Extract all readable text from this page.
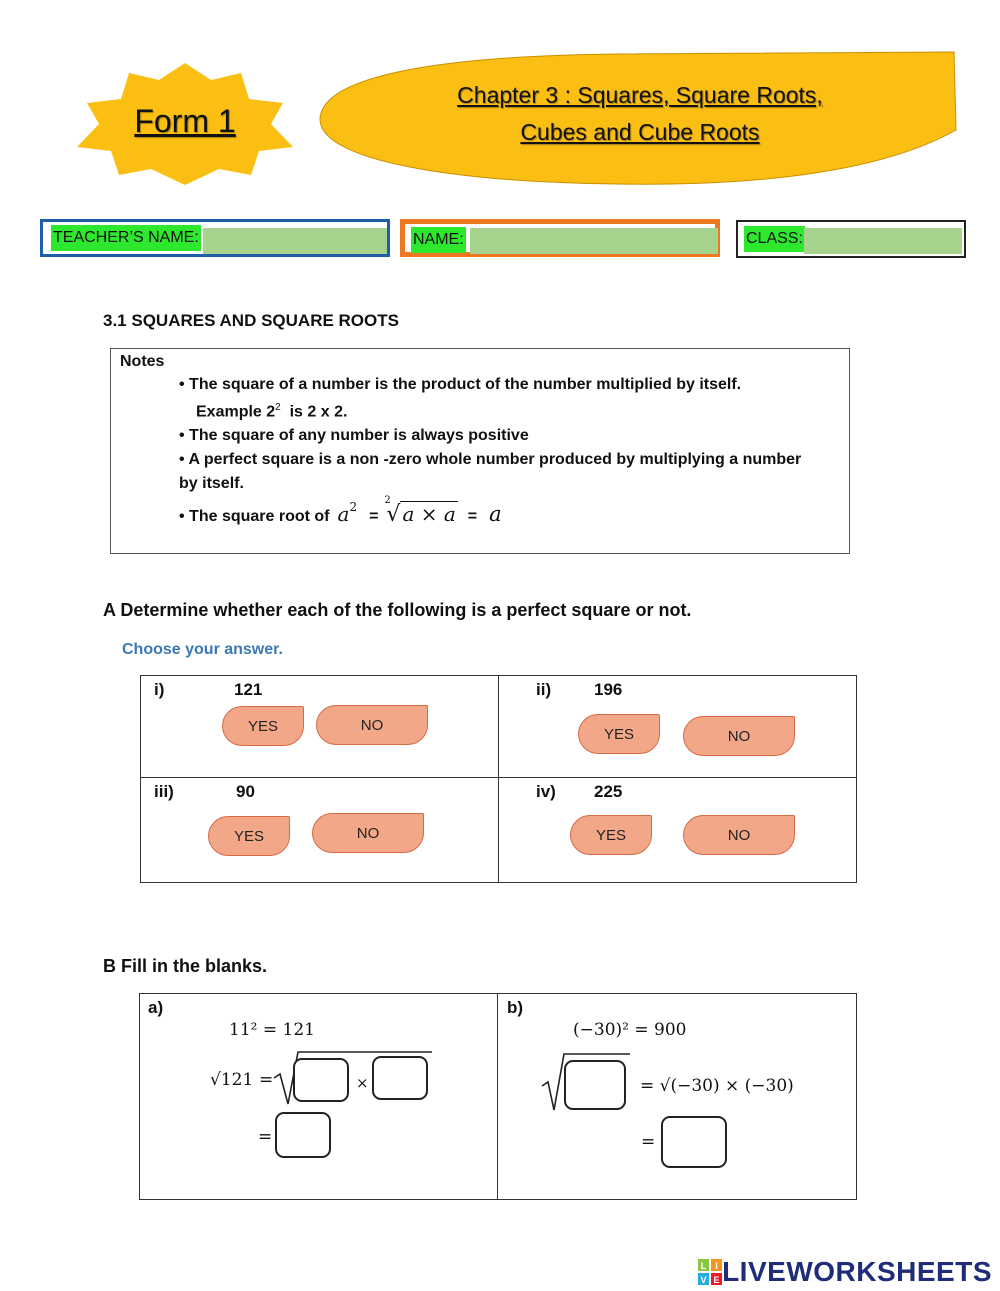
Form 1
Chapter 3 : Squares, Square Roots,
Cubes and Cube Roots
TEACHER’S NAME:	NAME:	CLASS:
3.1 SQUARES AND SQUARE ROOTS
Notes
• The square of a number is the product of the number multiplied by itself.
Example $2^2$ is 2 x 2.
• The square of any number is always positive
• A perfect square is a non -zero whole number produced by multiplying a number
by itself.
• The square root of $a^2$
=
2
√ a × a = a
A Determine whether each of the following is a perfect square or not.
Choose your answer.
i)	121
YES	NO
ii)	196
YES	NO
iii)	90
YES	NO
iv) 225
YES	NO
B Fill in the blanks.
a)
11² = 121
√121 =	×
=
b)
(−30)² = 900
= √(−30) × (−30)
=
L I
V E LIVEWORKSHEETS
